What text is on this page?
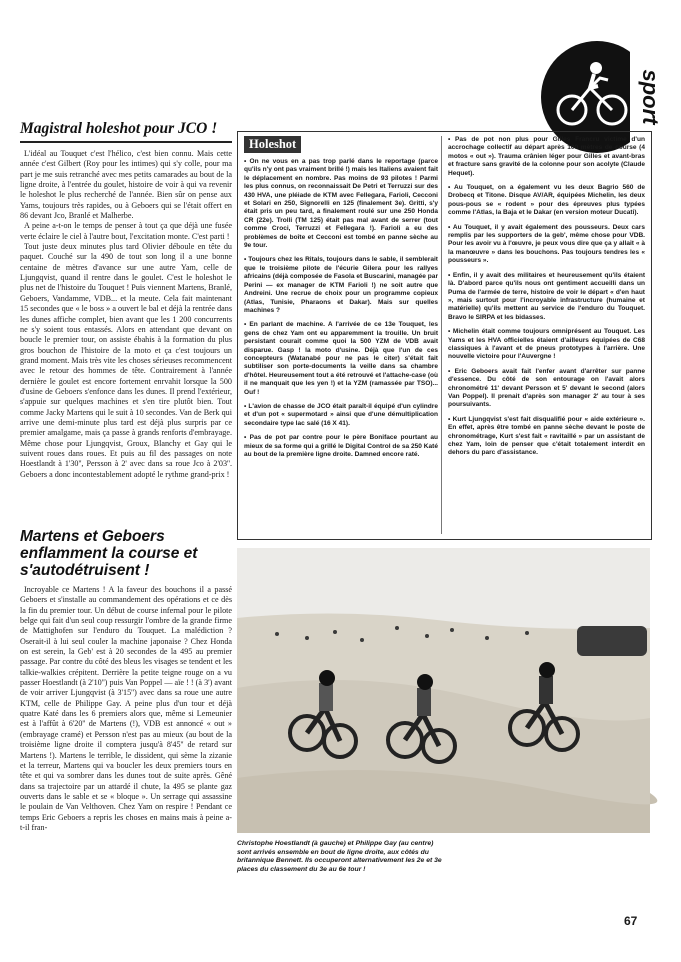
sport
Magistral holeshot pour JCO !

L'idéal au Touquet c'est l'hélico, c'est bien connu. Mais cette année c'est Gilbert (Roy pour les intimes) qui s'y colle, pour ma part je me suis retranché avec mes petits camarades au bout de la ligne droite, à l'entrée du goulet, histoire de voir à qui va revenir le holeshot le plus recherché de l'année. Bien sûr on pense aux Yams, toujours très rapides, ou à Geboers qui se l'était offert en 86 devant Jco, Branlé et Malherbe.

A peine a-t-on le temps de penser à tout ça que déjà une fusée verte éclaire le ciel à l'autre bout, l'excitation monte. C'est parti !

Tout juste deux minutes plus tard Olivier déboule en tête du paquet. Couché sur la 490 de tout son long il a une bonne centaine de mètres d'avance sur une autre Yam, celle de Ljungqvist, quand il rentre dans le goulet. C'est le holeshot le plus net de l'histoire du Touquet ! Puis viennent Martens, Branlé, Geboers, Vandamme, VDB... et la meute. Cela fait maintenant 15 secondes que « le boss » a ouvert le bal et déjà la rentrée dans les dunes affiche complet, bien avant que les 1 200 concurrents ne s'y soient tous entassés. Alors en attendant que devant on boucle le premier tour, on assiste ébahis à la formation du plus gros bouchon de l'histoire de la moto et ça c'est toujours un grand moment. Mais très vite les choses sérieuses recommencent avec le retour des hommes de tête. Contrairement à l'année dernière le goulet est encore fortement enrvahit lorsque la 500 d'usine de Geboers s'enfonce dans les dunes. Il prend l'extérieur, s'appuie sur quelques machines et s'en tire plutôt bien. Tout comme Jacky Martens qui le suit à 10 secondes. Van de Berk qui arrive une demi-minute plus tard est déjà plus surpris par ce premier amalgame, mais ça passe à grands renforts d'embrayage. Même chose pour Ljungqvist, Groux, Blanchy et Gay qui le suivent roues dans roues. Et puis au fil des passages on note Hoestlandt à 1'30'', Persson à 2' avec dans sa roue Jco à 2'03''. Geboers a donc incontestablement adopté le rythme grand-prix !

Martens et Geboers enflamment la course et s'autodétruisent !

Incroyable ce Martens ! A la faveur des bouchons il a passé Geboers et s'installe au commandement des opérations et ce dès la fin du premier tour. Un début de course infernal pour le pilote belge qui fait d'un seul coup ressurgir l'ombre de la grande firme de Mattighofen sur l'enduro du Touquet. La malédiction ? Oserait-il à lui seul couler la machine japonaise ? Chez Honda on est serein, la Geb' est à 20 secondes de la 495 au premier passage. Par contre du côté des bleus les visages se tendent et les talkie-walkies crépitent. Derrière la petite teigne rouge on a vu passer Hoestlandt (à 2'10'') puis Van Poppel — aïe ! ! (à 3') avant de voir arriver Ljungqvist (à 3'15'') avec dans sa roue une autre KTM, celle de Philippe Gay. A peine plus d'un tour et déjà quatre Katé dans les 6 premiers alors que, même si Lemeunier est à l'affût à 6'20'' de Martens (!), VDB est annoncé « out » (embrayage cramé) et Persson n'est pas au mieux (au bout de la troisième ligne droite il comptera jusqu'à 8'45'' de retard sur Martens !). Martens le terrible, le dissident, qui sème la zizanie et la terreur, Martens qui va boucler les deux premiers tours en tête et qui va sombrer dans les dunes tout de suite après. Gêné dans sa trajectoire par un attardé il chute, la 495 se plante gaz ouverts dans le sable et se « bloque ». Un serrage qui assassine le poulain de Van Velthoven. Chez Yam on respire ! Pendant ce temps Eric Geboers a repris les choses en mains mais à peine a-t-il fran-

Holeshot

• On ne vous en a pas trop parlé dans le reportage (parce qu'ils n'y ont pas vraiment brillé !) mais les Italiens avaient fait le déplacement en nombre. Pas moins de 93 pilotes ! Parmi les plus connus, on reconnaissait De Petri et Terruzzi sur des 430 HVA, une pléiade de KTM avec Fellegara, Farioli, Cecconi et Solari en 250, Signorelli en 125 (finalement 3e). Gritti, s'y était pris un peu tard, a finalement roulé sur une 250 Honda CR (22e). Trolli (TM 125) était pas mal avant de serrer (tout comme Croci, Terruzzi et Fellegara !). Farioli a eu des problèmes de boîte et Cecconi est tombé en panne sèche au 9e tour.

• Toujours chez les Ritals, toujours dans le sable, il semblerait que le troisième pilote de l'écurie Gilera pour les rallyes africains (déjà composée de Fasola et Buscarini, managée par Perini — ex manager de KTM Farioli !) ne soit autre que Andreini. Une recrue de choix pour un programme copieux (Atlas, Tunisie, Pharaons et Dakar). Mais sur quelles machines ?

• En parlant de machine. A l'arrivée de ce 13e Touquet, les gens de chez Yam ont eu apparemment la trouille. Un bruit persistant courait comme quoi la 500 YZM de VDB avait disparue. Gasp ! la moto d'usine. Déjà que l'un de ces concepteurs (Watanabé pour ne pas le citer) s'était fait subtiliser son porte-documents la veille dans sa chambre d'hôtel. Heureusement tout a été retrouvé et l'attache-case (où il ne manquait que les yen !) et la YZM (ramassée par TSO)... Ouf !

• L'avion de chasse de JCO était paraît-il équipé d'un cylindre et d'un pot « supermotard » ainsi que d'une démultiplication secondaire type lac salé (16 X 41).

• Pas de pot par contre pour le père Boniface pourtant au mieux de sa forme qui a grillé le Digital Control de sa 250 Katé au bout de la première ligne droite. Damned encore raté.

• Pas de pot non plus pour Gilles Francru victime d'un accrochage collectif au départ après 100 mètres de course (4 motos « out »). Trauma crânien léger pour Gilles et avant-bras et fracture sans gravité de la colonne pour son acolyte (Claude Hequet).

• Au Touquet, on a également vu les deux Bagrio 560 de Drobecq et Titone. Disque AV/AR, équipées Michelin, les deux pous-pous se « rodent » pour des épreuves plus typées comme l'Atlas, la Baja et le Dakar (en version moteur Ducati).

• Au Touquet, il y avait également des pousseurs. Deux cars remplis par les supporters de la geb', même chose pour VDB. Pour les avoir vu à l'œuvre, je peux vous dire que ça y allait « à la manœuvre » dans les bouchons. Pas toujours tendres les « pousseurs ».

• Enfin, il y avait des militaires et heureusement qu'ils étaient là. D'abord parce qu'ils nous ont gentiment accueilli dans un Puma de l'armée de terre, histoire de voir le départ « d'en haut », mais surtout pour l'incroyable infrastructure (humaine et matérielle) qu'ils mettent au service de l'enduro du Touquet. Bravo le SIRPA et les bidasses.

• Michelin était comme toujours omniprésent au Touquet. Les Yams et les HVA officielles étaient d'ailleurs équipées de C68 classiques à l'avant et de pneus prototypes à l'arrière. Une nouvelle victoire pour l'Auvergne !

• Eric Geboers avait fait l'enfer avant d'arrêter sur panne d'essence. Du côté de son entourage on l'avait alors chronométré 11' devant Persson et 5' devant le second (alors Van Poppel). Il prenait d'après son manager 2' au tour à ses poursuivants.

• Kurt Ljungqvist s'est fait disqualifié pour « aide extérieure ». En effet, après être tombé en panne sèche devant le poste de chronométrage, Kurt s'est fait « ravitaillé » par un assistant de chez Yam, loin de penser que c'était totalement interdit en dehors du parc d'assistance.

Christophe Hoestlandt (à gauche) et Philippe Gay (au centre) sont arrivés ensemble en bout de ligne droite, aux côtés du britannique Bennett. Ils occuperont alternativement les 2e et 3e places du classement du 3e au 6e tour !
67
